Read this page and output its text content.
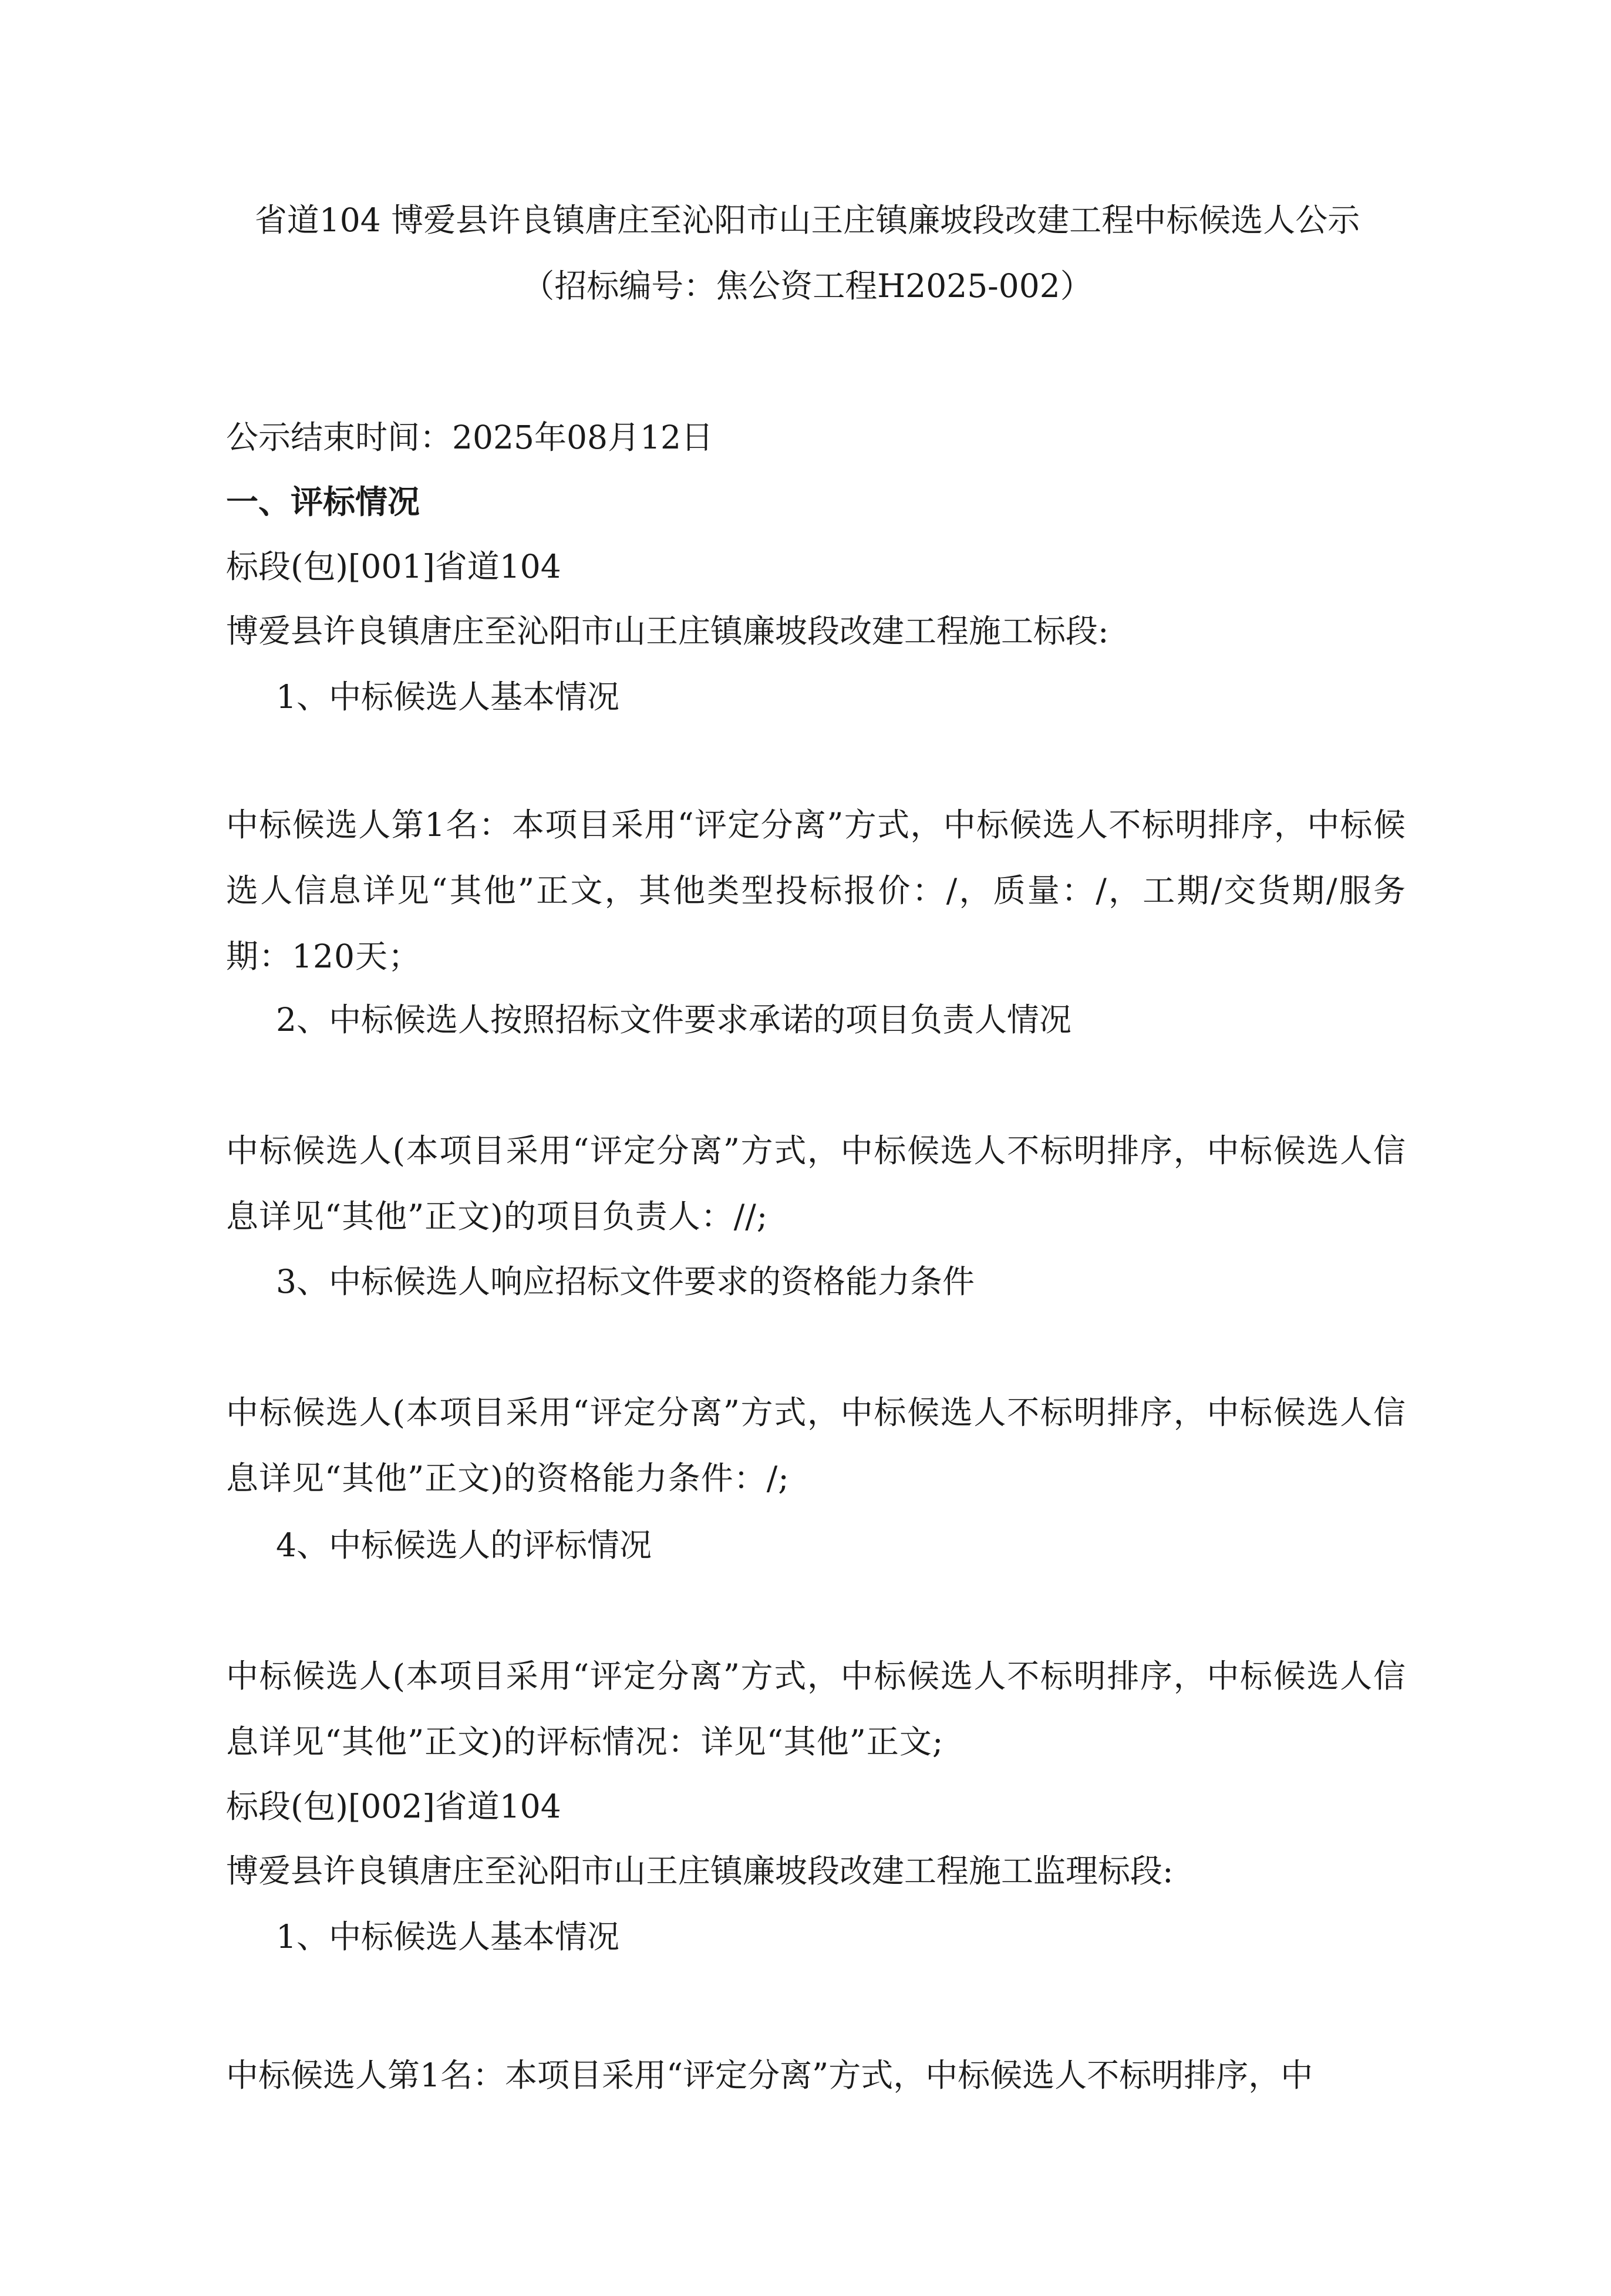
省道104 博爱县许良镇唐庄至沁阳市山王庄镇廉坡段改建工程中标候选人公示
（招标编号：焦公资工程H2025-002）
公示结束时间：2025年08月12日
一、评标情况
标段(包)[001]省道104
博爱县许良镇唐庄至沁阳市山王庄镇廉坡段改建工程施工标段:
1、中标候选人基本情况
中标候选人第1名：本项目采用“评定分离”方式，中标候选人不标明排序，中标候选人信息详见“其他”正文，其他类型投标报价：/，质量：/，工期/交货期/服务期：120天；
2、中标候选人按照招标文件要求承诺的项目负责人情况
中标候选人(本项目采用“评定分离”方式，中标候选人不标明排序，中标候选人信息详见“其他”正文)的项目负责人：//;
3、中标候选人响应招标文件要求的资格能力条件
中标候选人(本项目采用“评定分离”方式，中标候选人不标明排序，中标候选人信息详见“其他”正文)的资格能力条件：/;
4、中标候选人的评标情况
中标候选人(本项目采用“评定分离”方式，中标候选人不标明排序，中标候选人信息详见“其他”正文)的评标情况：详见“其他”正文;
标段(包)[002]省道104
博爱县许良镇唐庄至沁阳市山王庄镇廉坡段改建工程施工监理标段:
1、中标候选人基本情况
中标候选人第1名：本项目采用“评定分离”方式，中标候选人不标明排序，中
